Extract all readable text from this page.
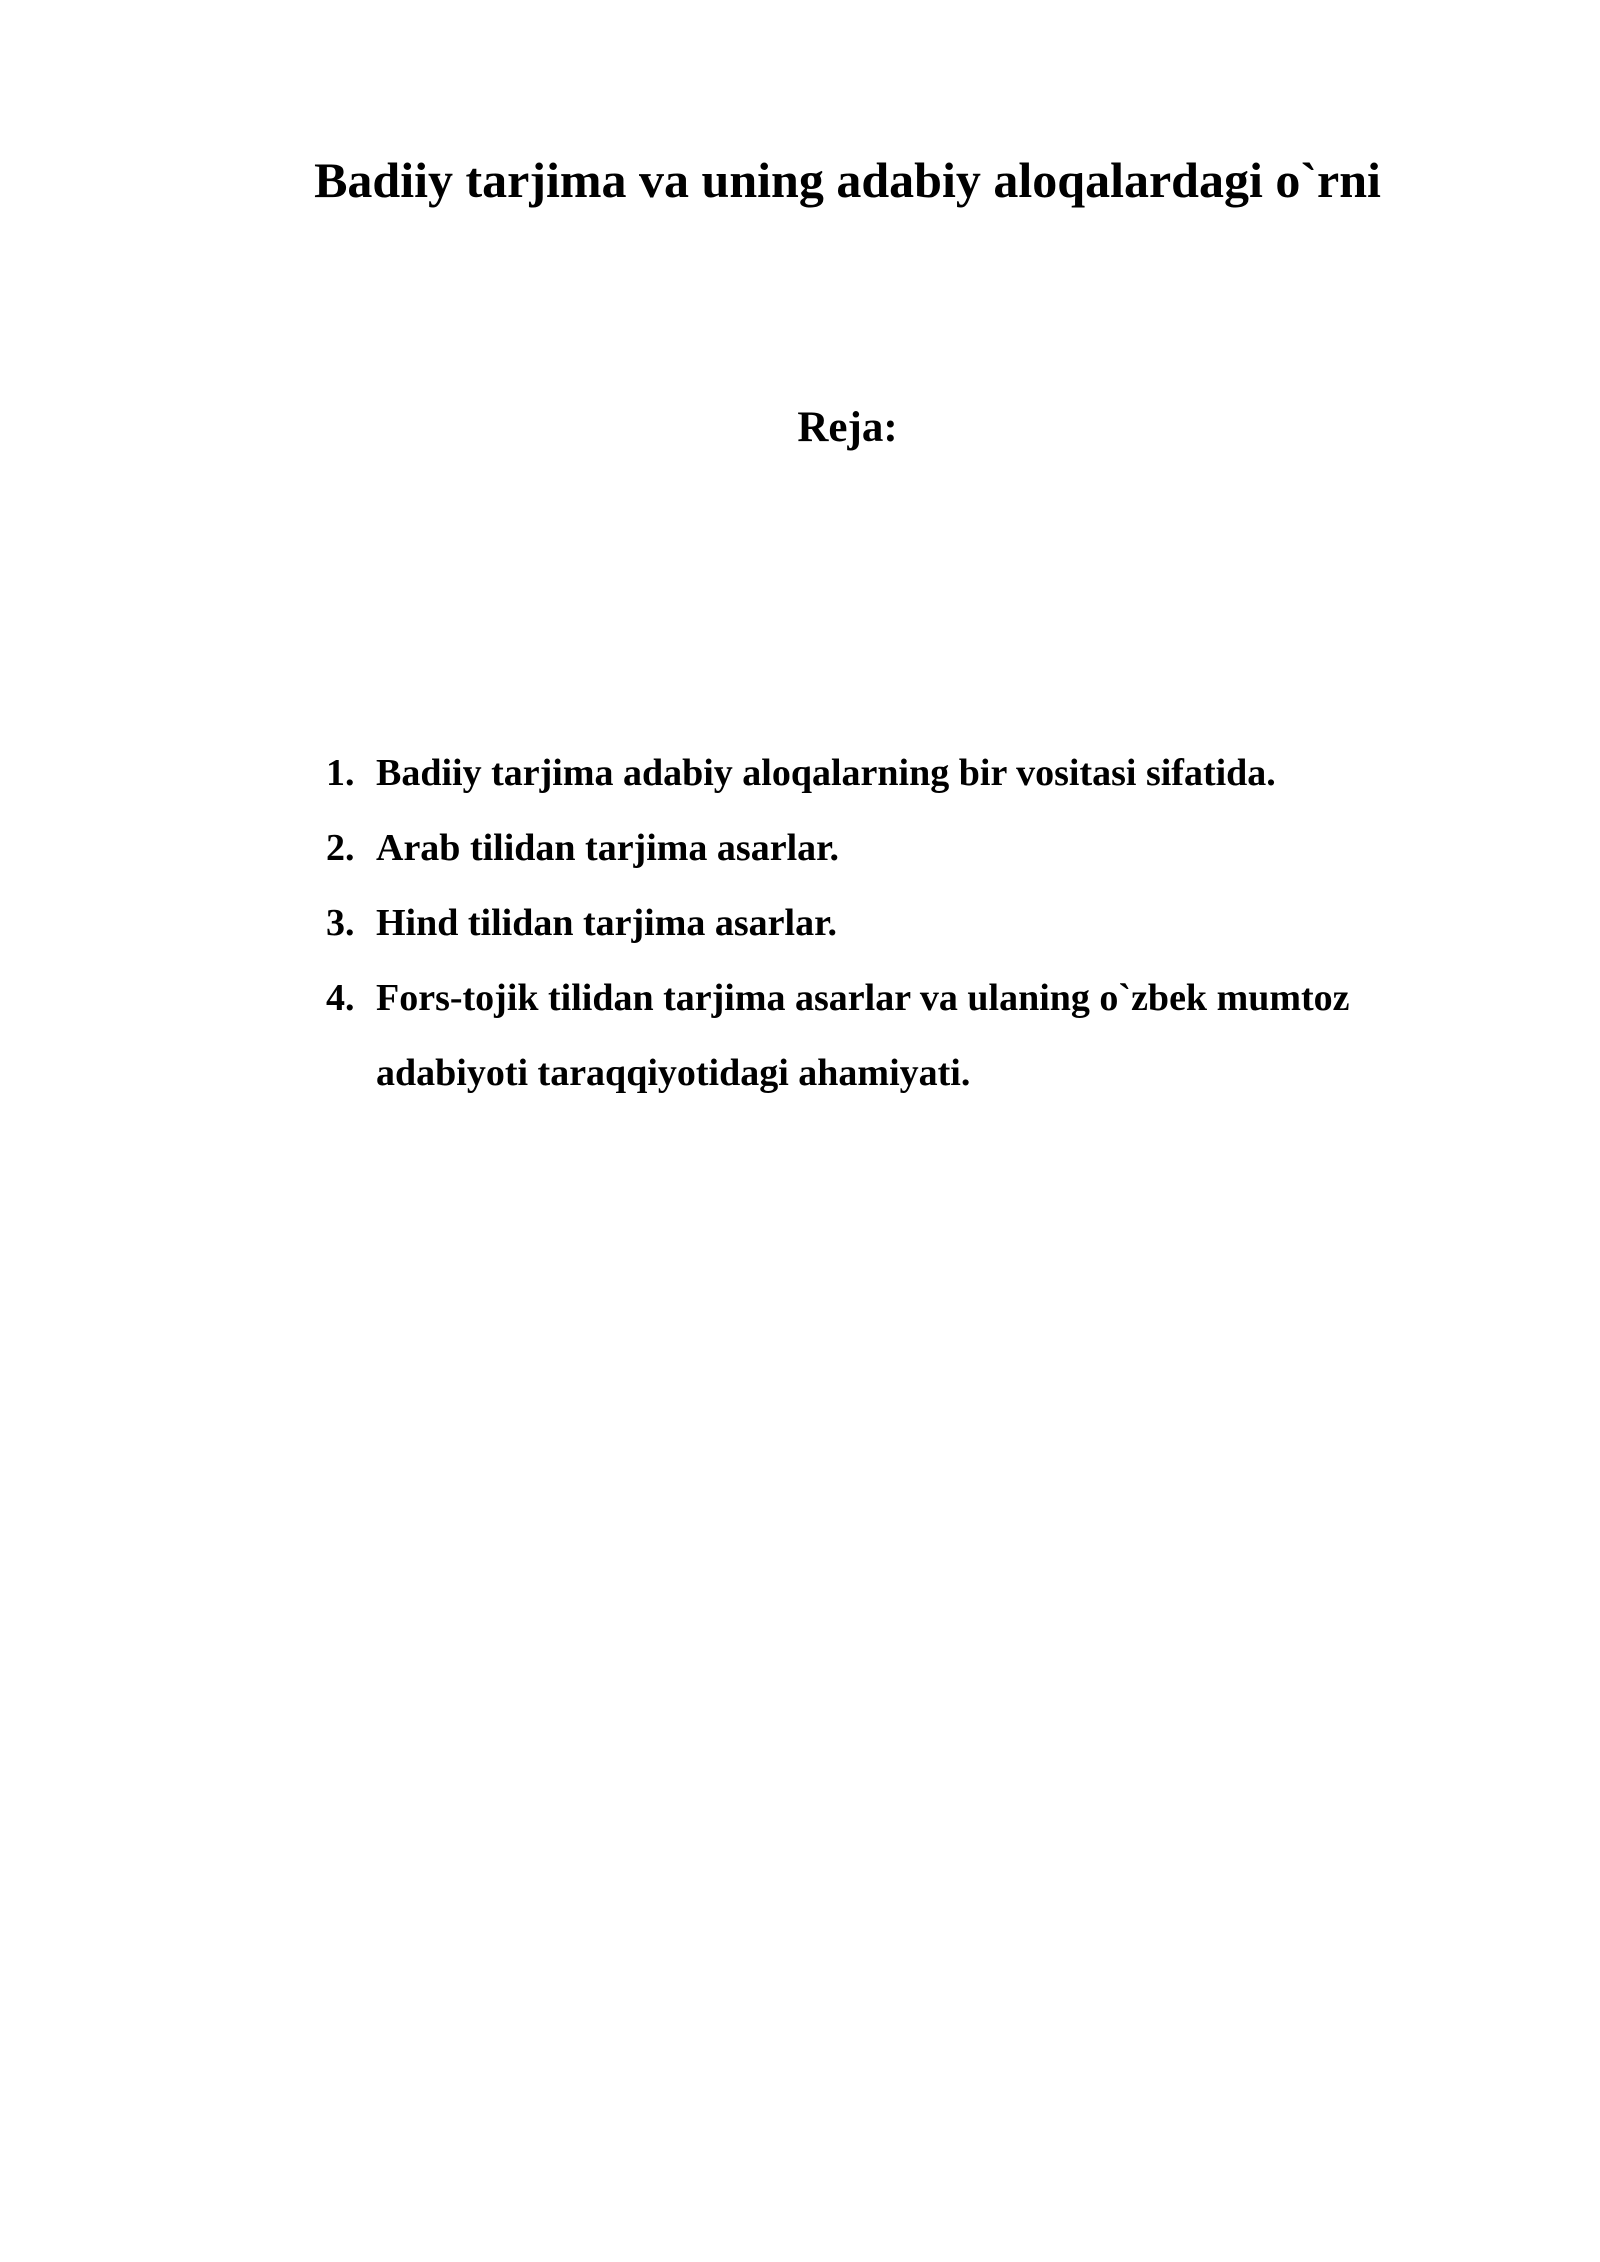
Badiiy tarjima va uning adabiy aloqalardagi o`rni
Reja:
1. Badiiy tarjima adabiy aloqalarning bir vositasi sifatida.
2. Arab tilidan tarjima asarlar.
3. Hind tilidan tarjima asarlar.
4. Fors-tojik tilidan tarjima asarlar va ulaning o`zbek mumtoz adabiyoti taraqqiyotidagi ahamiyati.
